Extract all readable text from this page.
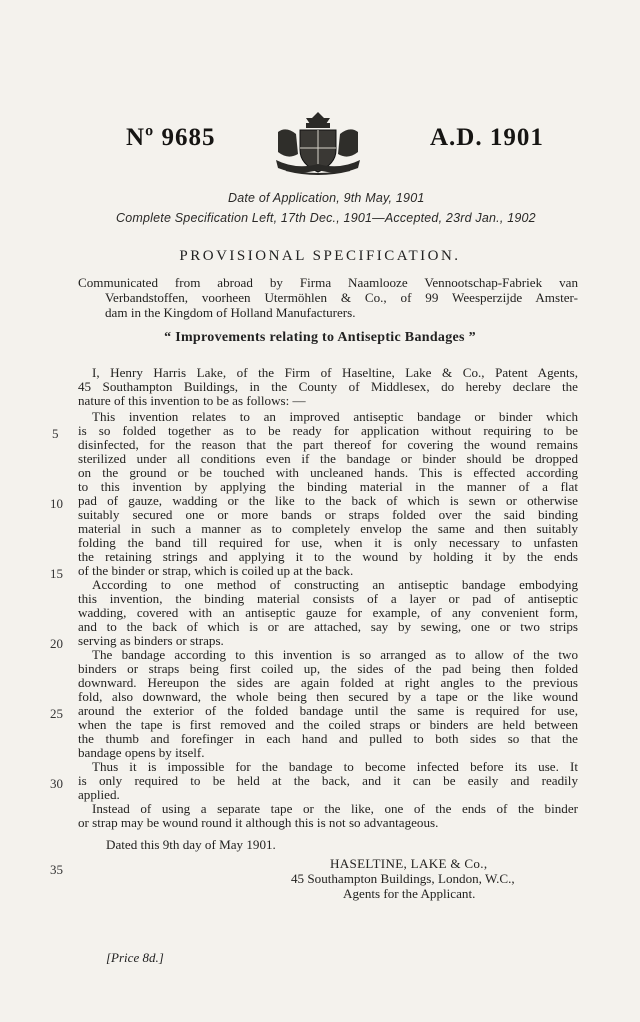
Nº 9685	A.D. 1901
Date of Application, 9th May, 1901
Complete Specification Left, 17th Dec., 1901—Accepted, 23rd Jan., 1902
PROVISIONAL SPECIFICATION.
Communicated from abroad by Firma Naamlooze Vennootschap-Fabriek van
Verbandstoffen, voorheen Utermöhlen & Co., of 99 Weesperzijde Amster-
dam in the Kingdom of Holland Manufacturers.
“ Improvements relating to Antiseptic Bandages ”
I, Henry Harris Lake, of the Firm of Haseltine, Lake & Co., Patent Agents,
45 Southampton Buildings, in the County of Middlesex, do hereby declare the
nature of this invention to be as follows: —
This invention relates to an improved antiseptic bandage or binder which
is so folded together as to be ready for application without requiring to be
disinfected, for the reason that the part thereof for covering the wound remains
sterilized under all conditions even if the bandage or binder should be dropped
on the ground or be touched with uncleaned hands. This is effected according
to this invention by applying the binding material in the manner of a flat
pad of gauze, wadding or the like to the back of which is sewn or otherwise
suitably secured one or more bands or straps folded over the said binding
material in such a manner as to completely envelop the same and then suitably
folding the band till required for use, when it is only necessary to unfasten
the retaining strings and applying it to the wound by holding it by the ends
of the binder or strap, which is coiled up at the back.
According to one method of constructing an antiseptic bandage embodying
this invention, the binding material consists of a layer or pad of antiseptic
wadding, covered with an antiseptic gauze for example, of any convenient form,
and to the back of which is or are attached, say by sewing, one or two strips
serving as binders or straps.
The bandage according to this invention is so arranged as to allow of the two
binders or straps being first coiled up, the sides of the pad being then folded
downward. Hereupon the sides are again folded at right angles to the previous
fold, also downward, the whole being then secured by a tape or the like wound
around the exterior of the folded bandage until the same is required for use,
when the tape is first removed and the coiled straps or binders are held between
the thumb and forefinger in each hand and pulled to both sides so that the
bandage opens by itself.
Thus it is impossible for the bandage to become infected before its use. It
is only required to be held at the back, and it can be easily and readily
applied.
Instead of using a separate tape or the like, one of the ends of the binder
or strap may be wound round it although this is not so advantageous.
5
10
15
20
25
30
35
Dated this 9th day of May 1901.
HASELTINE, LAKE & Co.,
45 Southampton Buildings, London, W.C.,
Agents for the Applicant.
[Price 8d.]
